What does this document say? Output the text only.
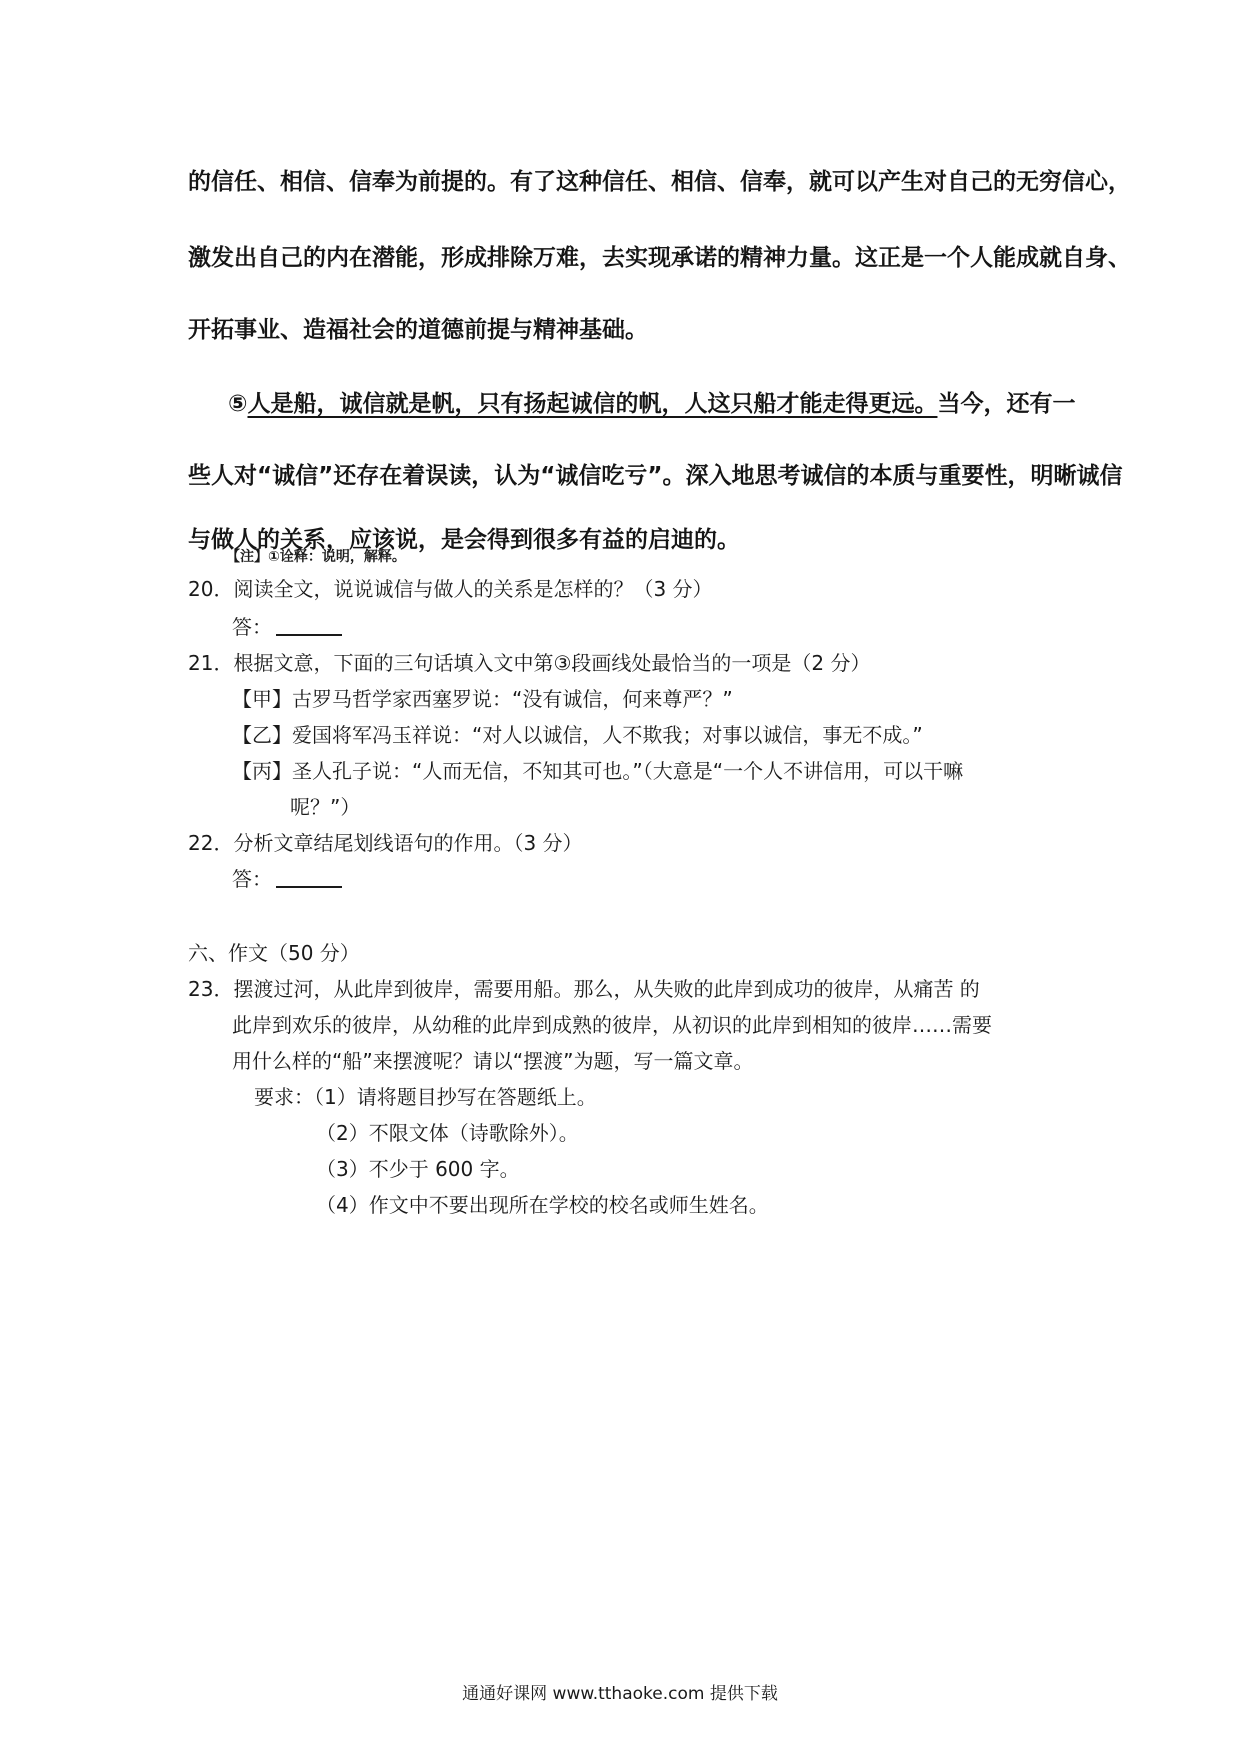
的信任、相信、信奉为前提的。有了这种信任、相信、信奉，就可以产生对自己的无穷信心，
激发出自己的内在潜能，形成排除万难，去实现承诺的精神力量。这正是一个人能成就自身、
开拓事业、造福社会的道德前提与精神基础。
⑤人是船，诚信就是帆，只有扬起诚信的帆，人这只船才能走得更远。当今，还有一
些人对“诚信”还存在着误读，认为“诚信吃亏”。深入地思考诚信的本质与重要性，明晰诚信
与做人的关系，应该说，是会得到很多有益的启迪的。
【注】①诠释：说明，解释。
20．阅读全文，说说诚信与做人的关系是怎样的？（3 分）
答：
21．根据文意，下面的三句话填入文中第③段画线处最恰当的一项是（2 分）
【甲】古罗马哲学家西塞罗说：“没有诚信，何来尊严？”
【乙】爱国将军冯玉祥说：“对人以诚信，人不欺我；对事以诚信，事无不成。”
【丙】圣人孔子说：“人而无信，不知其可也。”（大意是“一个人不讲信用，可以干嘛
呢？”）
22．分析文章结尾划线语句的作用。（3 分）
答：
六、作文（50 分）
23．摆渡过河，从此岸到彼岸，需要用船。那么，从失败的此岸到成功的彼岸，从痛苦 的
此岸到欢乐的彼岸，从幼稚的此岸到成熟的彼岸，从初识的此岸到相知的彼岸……需要
用什么样的“船”来摆渡呢？请以“摆渡”为题，写一篇文章。
要求：（1）请将题目抄写在答题纸上。
（2）不限文体（诗歌除外）。
（3）不少于 600 字。
（4）作文中不要出现所在学校的校名或师生姓名。
通通好课网 www.tthaoke.com 提供下载
